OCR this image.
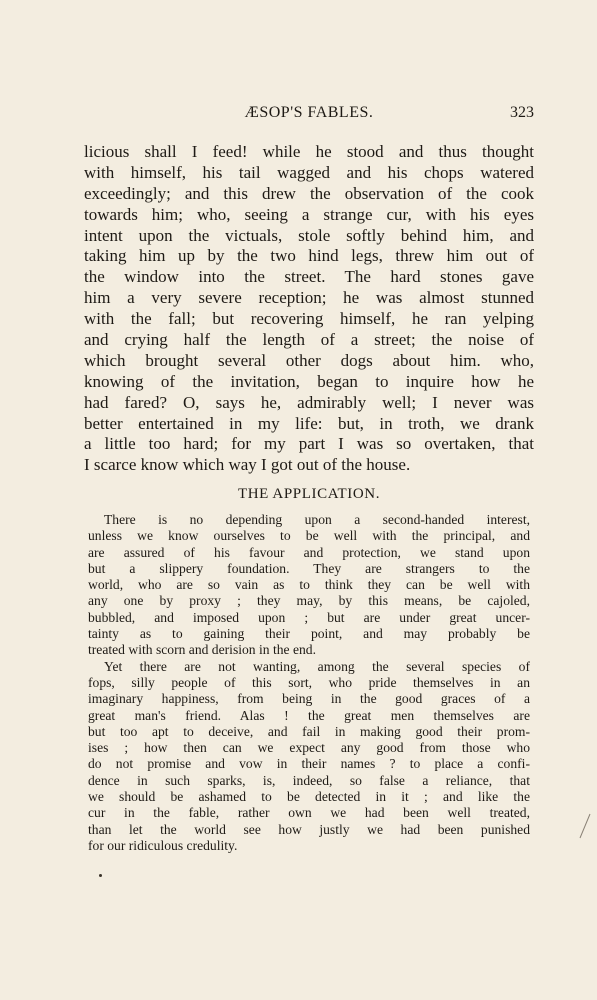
ÆSOP'S FABLES.	323
licious shall I feed! while he stood and thus thought
with himself, his tail wagged and his chops watered
exceedingly; and this drew the observation of the cook
towards him; who, seeing a strange cur, with his eyes
intent upon the victuals, stole softly behind him, and
taking him up by the two hind legs, threw him out of
the window into the street. The hard stones gave
him a very severe reception; he was almost stunned
with the fall; but recovering himself, he ran yelping
and crying half the length of a street; the noise of
which brought several other dogs about him. who,
knowing of the invitation, began to inquire how he
had fared? O, says he, admirably well; I never was
better entertained in my life: but, in troth, we drank
a little too hard; for my part I was so overtaken, that
I scarce know which way I got out of the house.
THE APPLICATION.
There is no depending upon a second-handed interest,
unless we know ourselves to be well with the principal, and
are assured of his favour and protection, we stand upon
but a slippery foundation. They are strangers to the
world, who are so vain as to think they can be well with
any one by proxy ; they may, by this means, be cajoled,
bubbled, and imposed upon ; but are under great uncer-
tainty as to gaining their point, and may probably be
treated with scorn and derision in the end.
Yet there are not wanting, among the several species of
fops, silly people of this sort, who pride themselves in an
imaginary happiness, from being in the good graces of a
great man's friend. Alas ! the great men themselves are
but too apt to deceive, and fail in making good their prom-
ises ; how then can we expect any good from those who
do not promise and vow in their names ? to place a confi-
dence in such sparks, is, indeed, so false a reliance, that
we should be ashamed to be detected in it ; and like the
cur in the fable, rather own we had been well treated,
than let the world see how justly we had been punished
for our ridiculous credulity.
